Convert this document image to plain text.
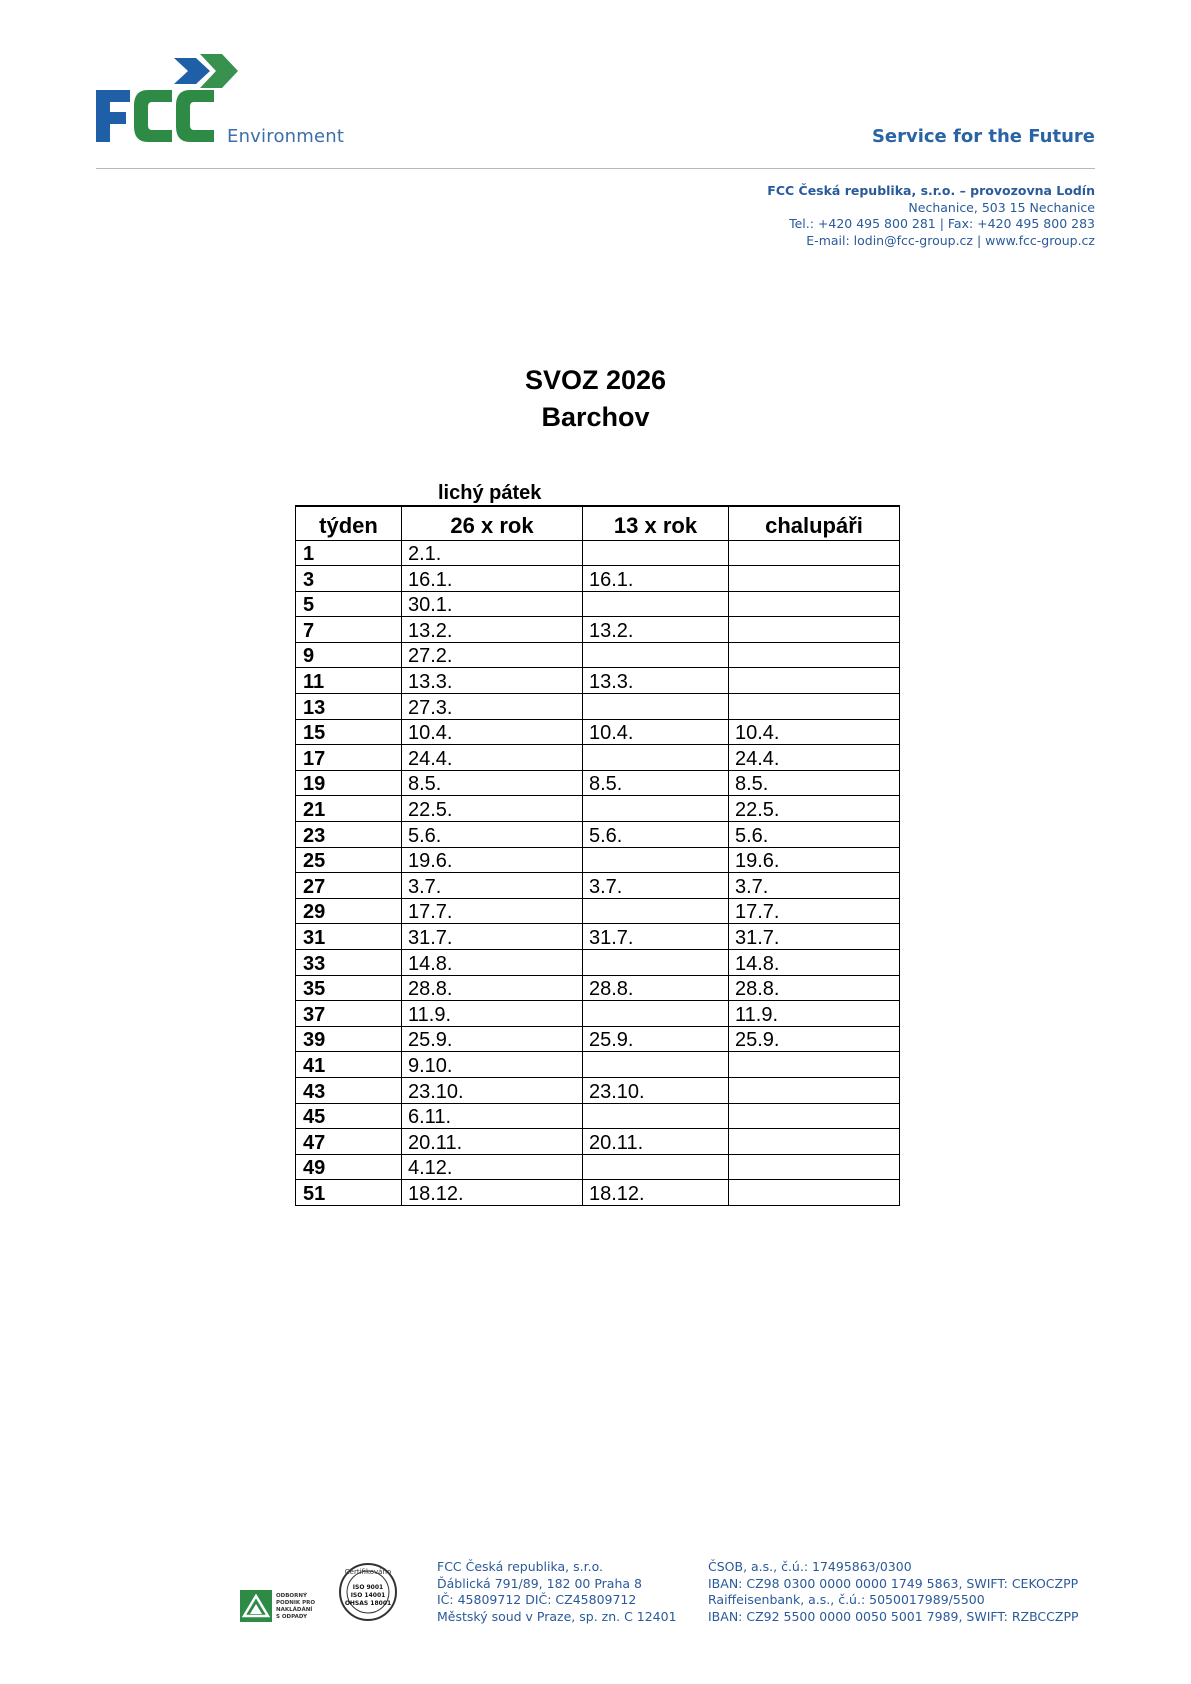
Environment	Service for the Future
FCC Česká republika, s.r.o. – provozovna Lodín
Nechanice, 503 15 Nechanice
Tel.: +420 495 800 281 | Fax: +420 495 800 283
E-mail: lodin@fcc-group.cz | www.fcc-group.cz
SVOZ 2026
Barchov
lichý pátek
týden	26 x rok	13 x rok	chalupáři
1	2.1.		
3	16.1.	16.1.	
5	30.1.		
7	13.2.	13.2.	
9	27.2.		
11	13.3.	13.3.	
13	27.3.		
15	10.4.	10.4.	10.4.
17	24.4.		24.4.
19	8.5.	8.5.	8.5.
21	22.5.		22.5.
23	5.6.	5.6.	5.6.
25	19.6.		19.6.
27	3.7.	3.7.	3.7.
29	17.7.		17.7.
31	31.7.	31.7.	31.7.
33	14.8.		14.8.
35	28.8.	28.8.	28.8.
37	11.9.		11.9.
39	25.9.	25.9.	25.9.
41	9.10.		
43	23.10.	23.10.	
45	6.11.		
47	20.11.	20.11.	
49	4.12.		
51	18.12.	18.12.	
ODBORNÝ
PODNIK PRO
NAKLÁDÁNÍ
S ODPADY
Certifikováno
ISO 9001
ISO 14001
OHSAS 18001
FCC Česká republika, s.r.o.
Ďáblická 791/89, 182 00 Praha 8
IČ: 45809712 DIČ: CZ45809712
Městský soud v Praze, sp. zn. C 12401
ČSOB, a.s., č.ú.: 17495863/0300
IBAN: CZ98 0300 0000 0000 1749 5863, SWIFT: CEKOCZPP
Raiffeisenbank, a.s., č.ú.: 5050017989/5500
IBAN: CZ92 5500 0000 0050 5001 7989, SWIFT: RZBCCZPP
